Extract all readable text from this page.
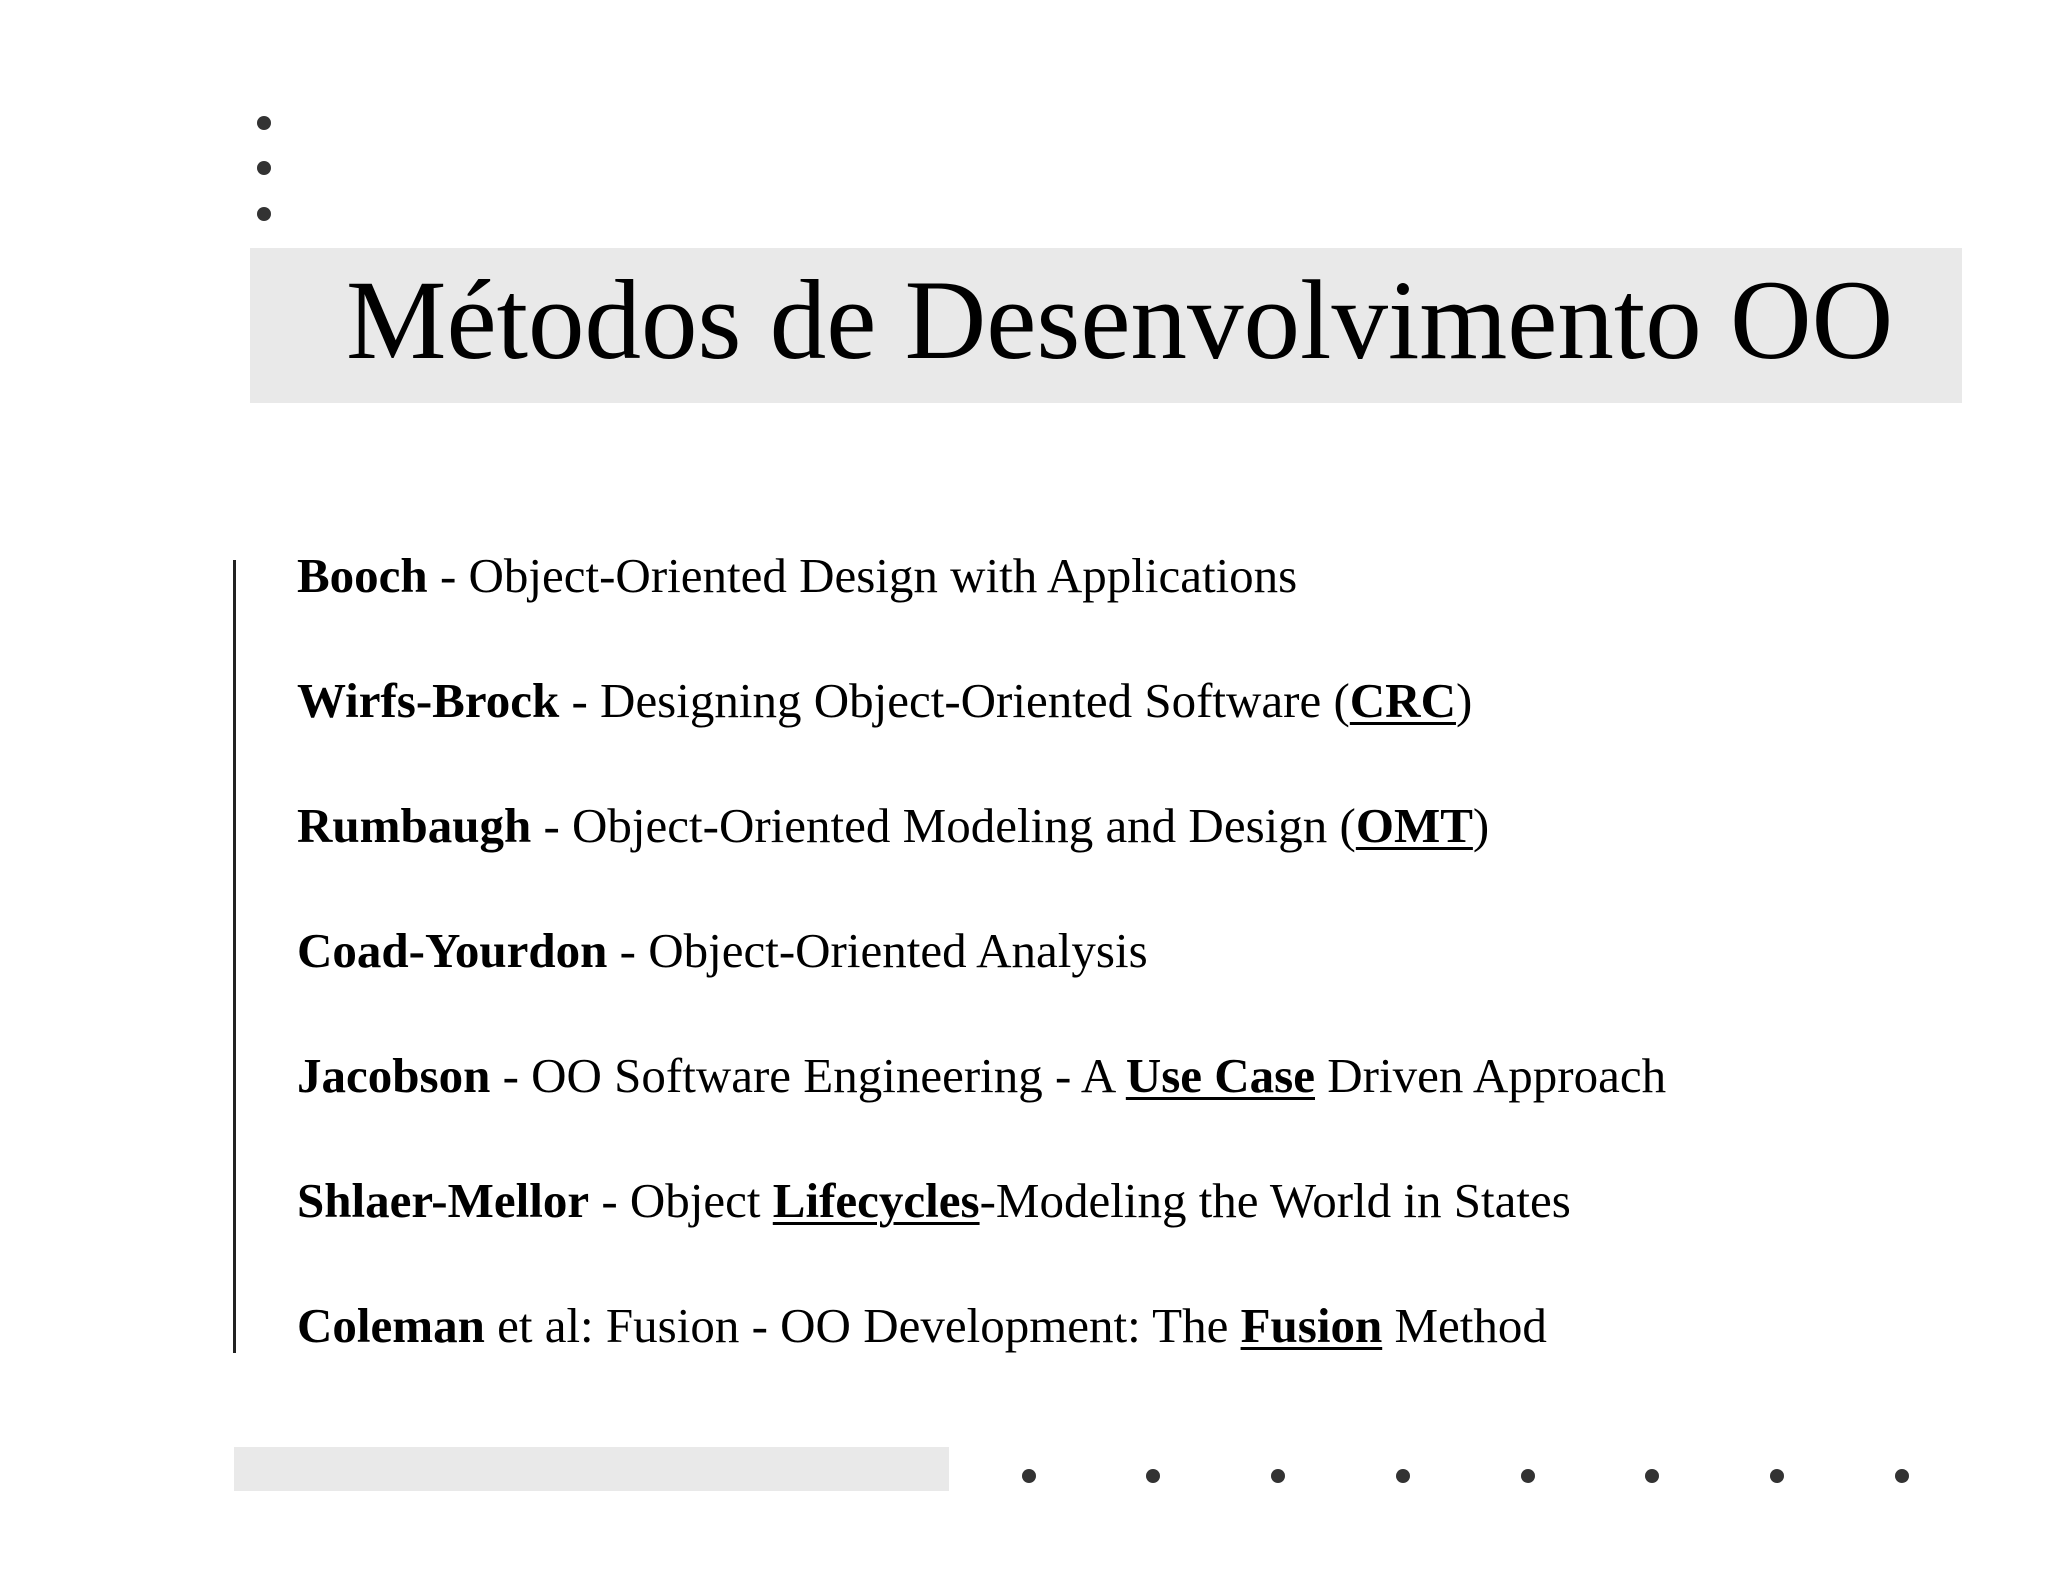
Métodos de Desenvolvimento OO
Booch - Object-Oriented Design with Applications
Wirfs-Brock - Designing Object-Oriented Software (CRC)
Rumbaugh - Object-Oriented Modeling and Design (OMT)
Coad-Yourdon - Object-Oriented Analysis
Jacobson - OO Software Engineering - A Use Case Driven Approach
Shlaer-Mellor - Object Lifecycles-Modeling the World in States
Coleman et al: Fusion - OO Development: The Fusion Method
